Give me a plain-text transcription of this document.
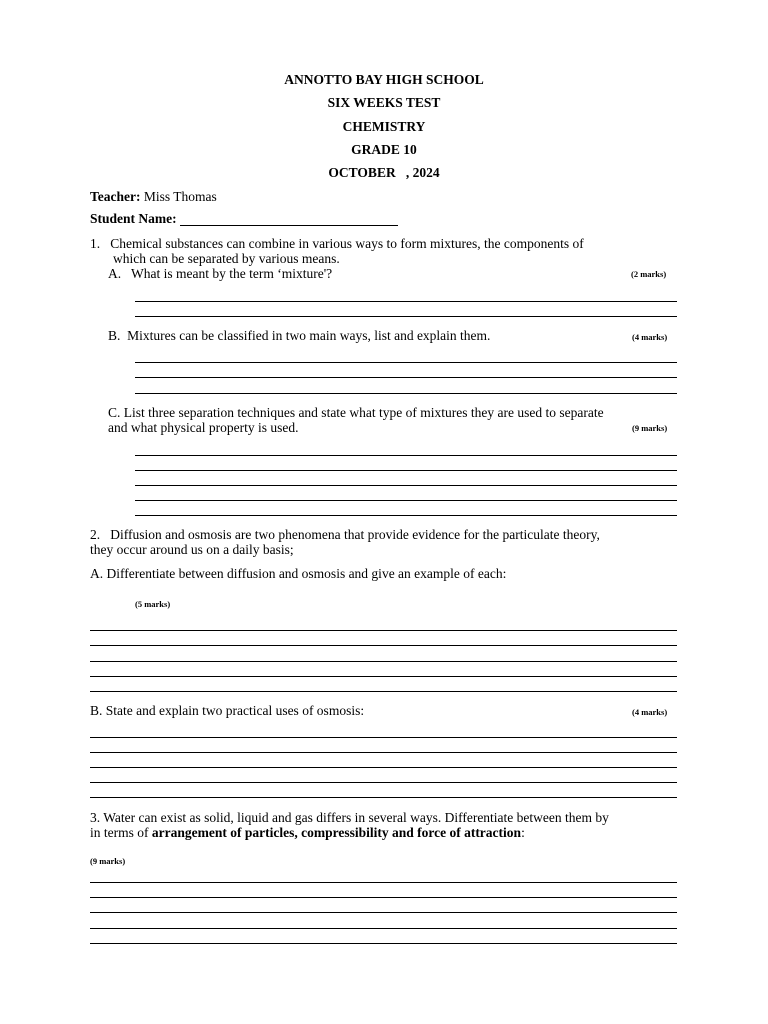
ANNOTTO BAY HIGH SCHOOL
SIX WEEKS TEST
CHEMISTRY
GRADE 10
OCTOBER   , 2024
Teacher: Miss Thomas
Student Name:
1.   Chemical substances can combine in various ways to form mixtures, the components of
which can be separated by various means.
A.   What is meant by the term ‘mixture'?	(2 marks)
B.  Mixtures can be classified in two main ways, list and explain them.	(4 marks)
C. List three separation techniques and state what type of mixtures they are used to separate
and what physical property is used.	(9 marks)
2.   Diffusion and osmosis are two phenomena that provide evidence for the particulate theory,
they occur around us on a daily basis;
A. Differentiate between diffusion and osmosis and give an example of each:
(5 marks)
B. State and explain two practical uses of osmosis:	(4 marks)
3. Water can exist as solid, liquid and gas differs in several ways. Differentiate between them by
in terms of arrangement of particles, compressibility and force of attraction:
(9 marks)
